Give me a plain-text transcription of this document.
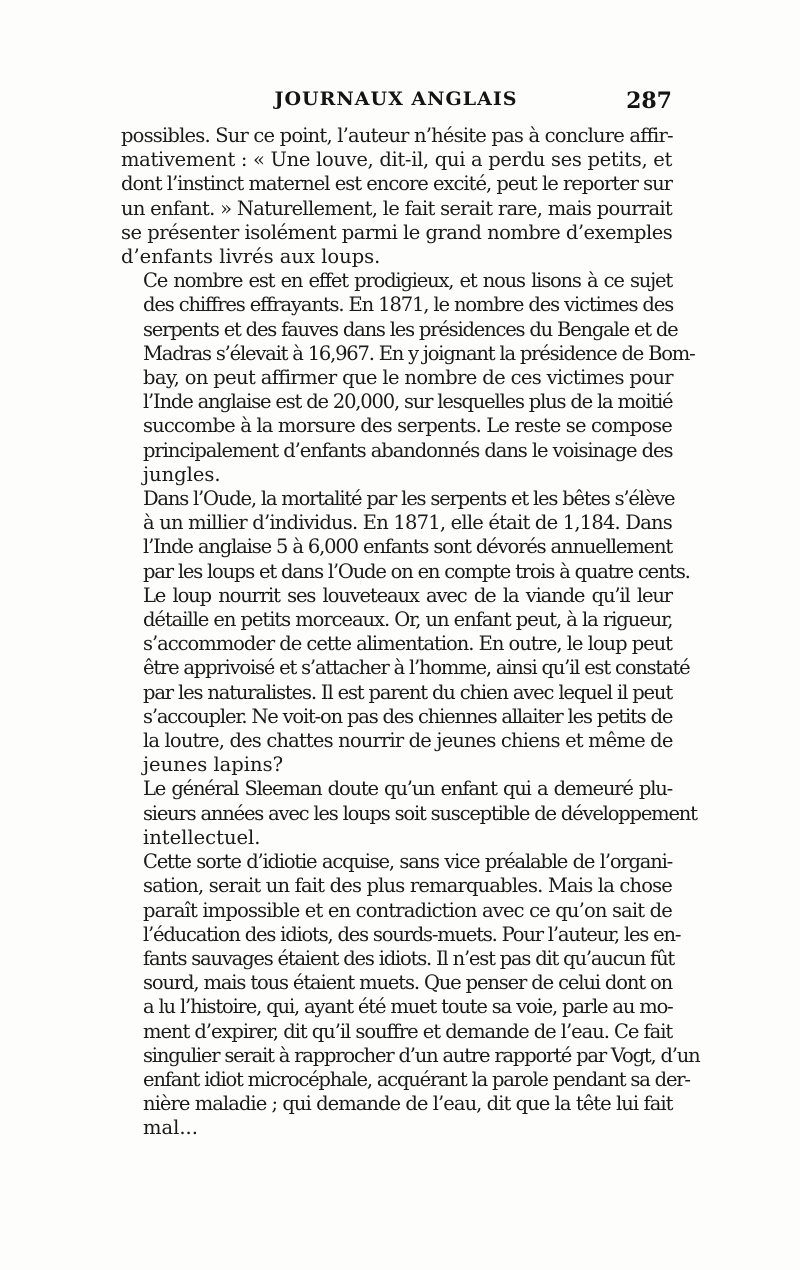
JOURNAUX ANGLAIS	287

possibles. Sur ce point, l’auteur n’hésite pas à conclure affir-
mativement : « Une louve, dit-il, qui a perdu ses petits, et
dont l’instinct maternel est encore excité, peut le reporter sur
un enfant. » Naturellement, le fait serait rare, mais pourrait
se présenter isolément parmi le grand nombre d’exemples
d’enfants livrés aux loups.

Ce nombre est en effet prodigieux, et nous lisons à ce sujet
des chiffres effrayants. En 1871, le nombre des victimes des
serpents et des fauves dans les présidences du Bengale et de
Madras s’élevait à 16,967. En y joignant la présidence de Bom-
bay, on peut affirmer que le nombre de ces victimes pour
l’Inde anglaise est de 20,000, sur lesquelles plus de la moitié
succombe à la morsure des serpents. Le reste se compose
principalement d’enfants abandonnés dans le voisinage des
jungles.

Dans l’Oude, la mortalité par les serpents et les bêtes s’élève
à un millier d’individus. En 1871, elle était de 1,184. Dans
l’Inde anglaise 5 à 6,000 enfants sont dévorés annuellement
par les loups et dans l’Oude on en compte trois à quatre cents.

Le loup nourrit ses louveteaux avec de la viande qu’il leur
détaille en petits morceaux. Or, un enfant peut, à la rigueur,
s’accommoder de cette alimentation. En outre, le loup peut
être apprivoisé et s’attacher à l’homme, ainsi qu’il est constaté
par les naturalistes. Il est parent du chien avec lequel il peut
s’accoupler. Ne voit-on pas des chiennes allaiter les petits de
la loutre, des chattes nourrir de jeunes chiens et même de
jeunes lapins?

Le général Sleeman doute qu’un enfant qui a demeuré plu-
sieurs années avec les loups soit susceptible de développement
intellectuel.

Cette sorte d’idiotie acquise, sans vice préalable de l’organi-
sation, serait un fait des plus remarquables. Mais la chose
paraît impossible et en contradiction avec ce qu’on sait de
l’éducation des idiots, des sourds-muets. Pour l’auteur, les en-
fants sauvages étaient des idiots. Il n’est pas dit qu’aucun fût
sourd, mais tous étaient muets. Que penser de celui dont on
a lu l’histoire, qui, ayant été muet toute sa voie, parle au mo-
ment d’expirer, dit qu’il souffre et demande de l’eau. Ce fait
singulier serait à rapprocher d’un autre rapporté par Vogt, d’un
enfant idiot microcéphale, acquérant la parole pendant sa der-
nière maladie ; qui demande de l’eau, dit que la tête lui fait
mal...
